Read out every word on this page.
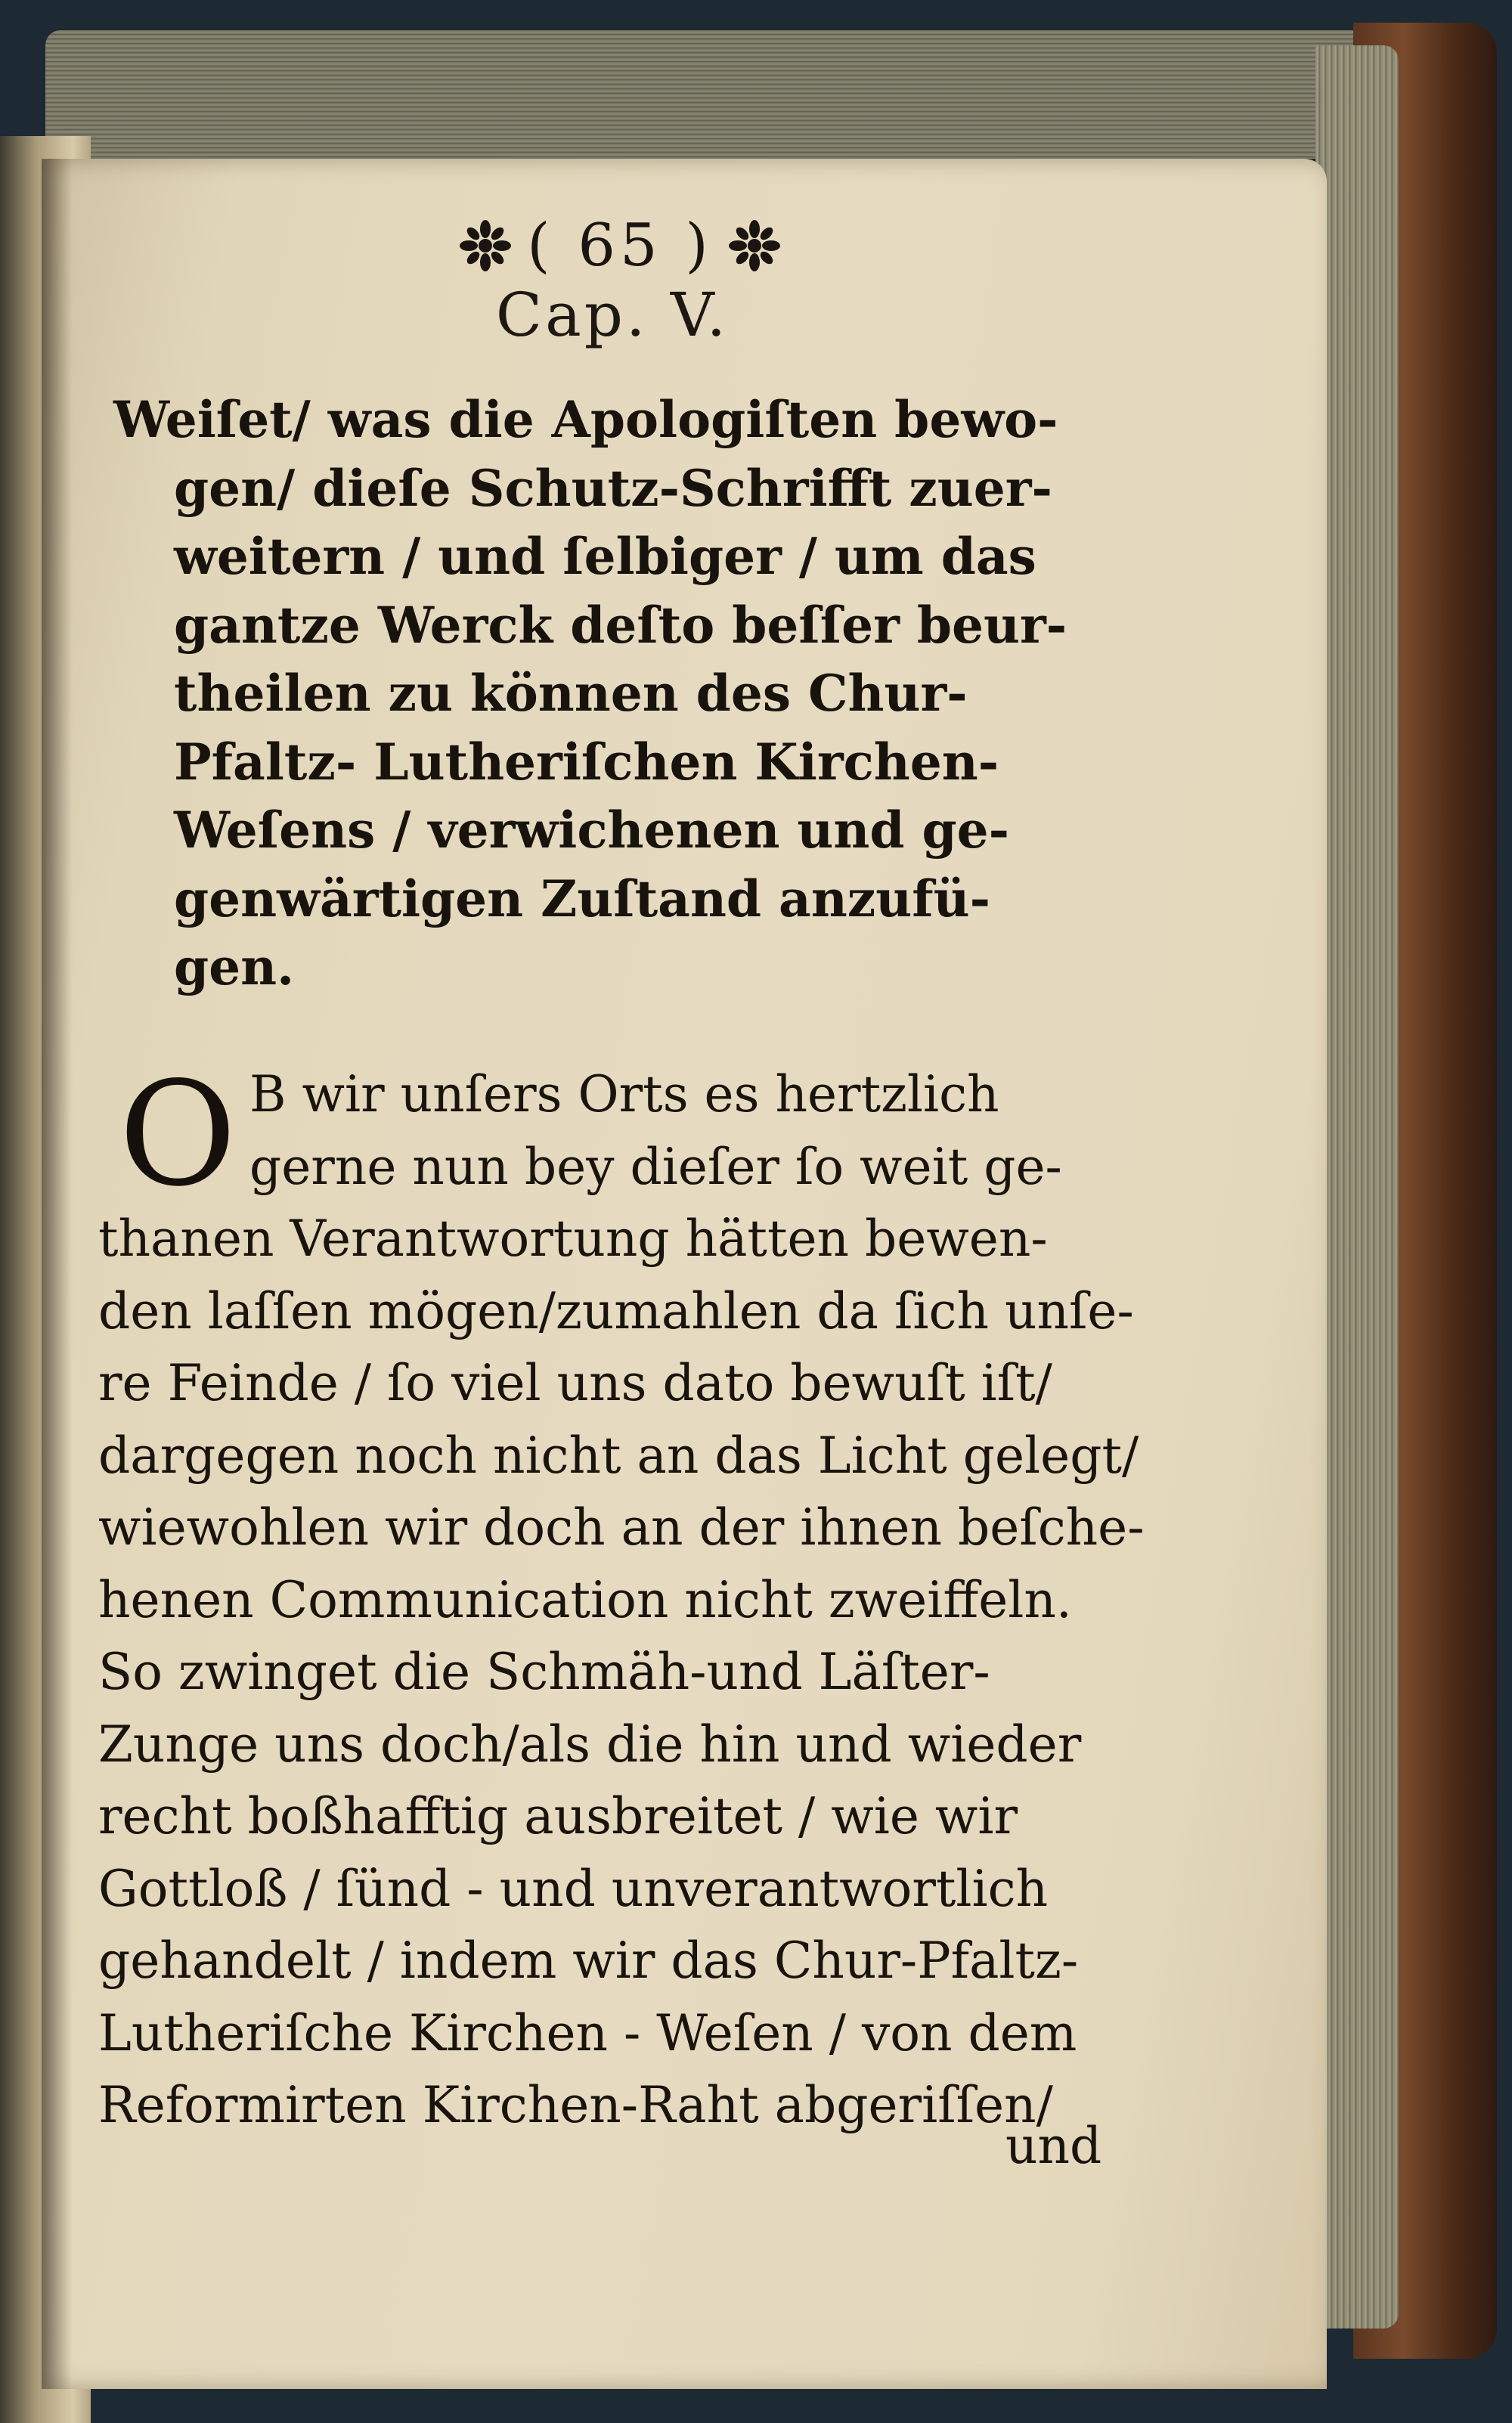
( 65 )
Cap. V.
Weiſet/ was die Apologiſten bewo-
gen/ dieſe Schutz-Schrifft zuer-
weitern / und ſelbiger / um das
gantze Werck deſto beſſer beur-
theilen zu können des Chur-
Pfaltz- Lutheriſchen Kirchen-
Weſens / verwichenen und ge-
genwärtigen Zuſtand anzufü-
gen.
O B wir unſers Orts es hertzlich
gerne nun bey dieſer ſo weit ge-
thanen Verantwortung hätten bewen-
den laſſen mögen/zumahlen da ſich unſe-
re Feinde / ſo viel uns dato bewuſt iſt/
dargegen noch nicht an das Licht gelegt/
wiewohlen wir doch an der ihnen beſche-
henen Communication nicht zweiffeln.
So zwinget die Schmäh-und Läſter-
Zunge uns doch/als die hin und wieder
recht boßhafftig ausbreitet / wie wir
Gottloß / ſünd - und unverantwortlich
gehandelt / indem wir das Chur-Pfaltz-
Lutheriſche Kirchen - Weſen / von dem
Reformirten Kirchen-Raht abgeriſſen/
und
